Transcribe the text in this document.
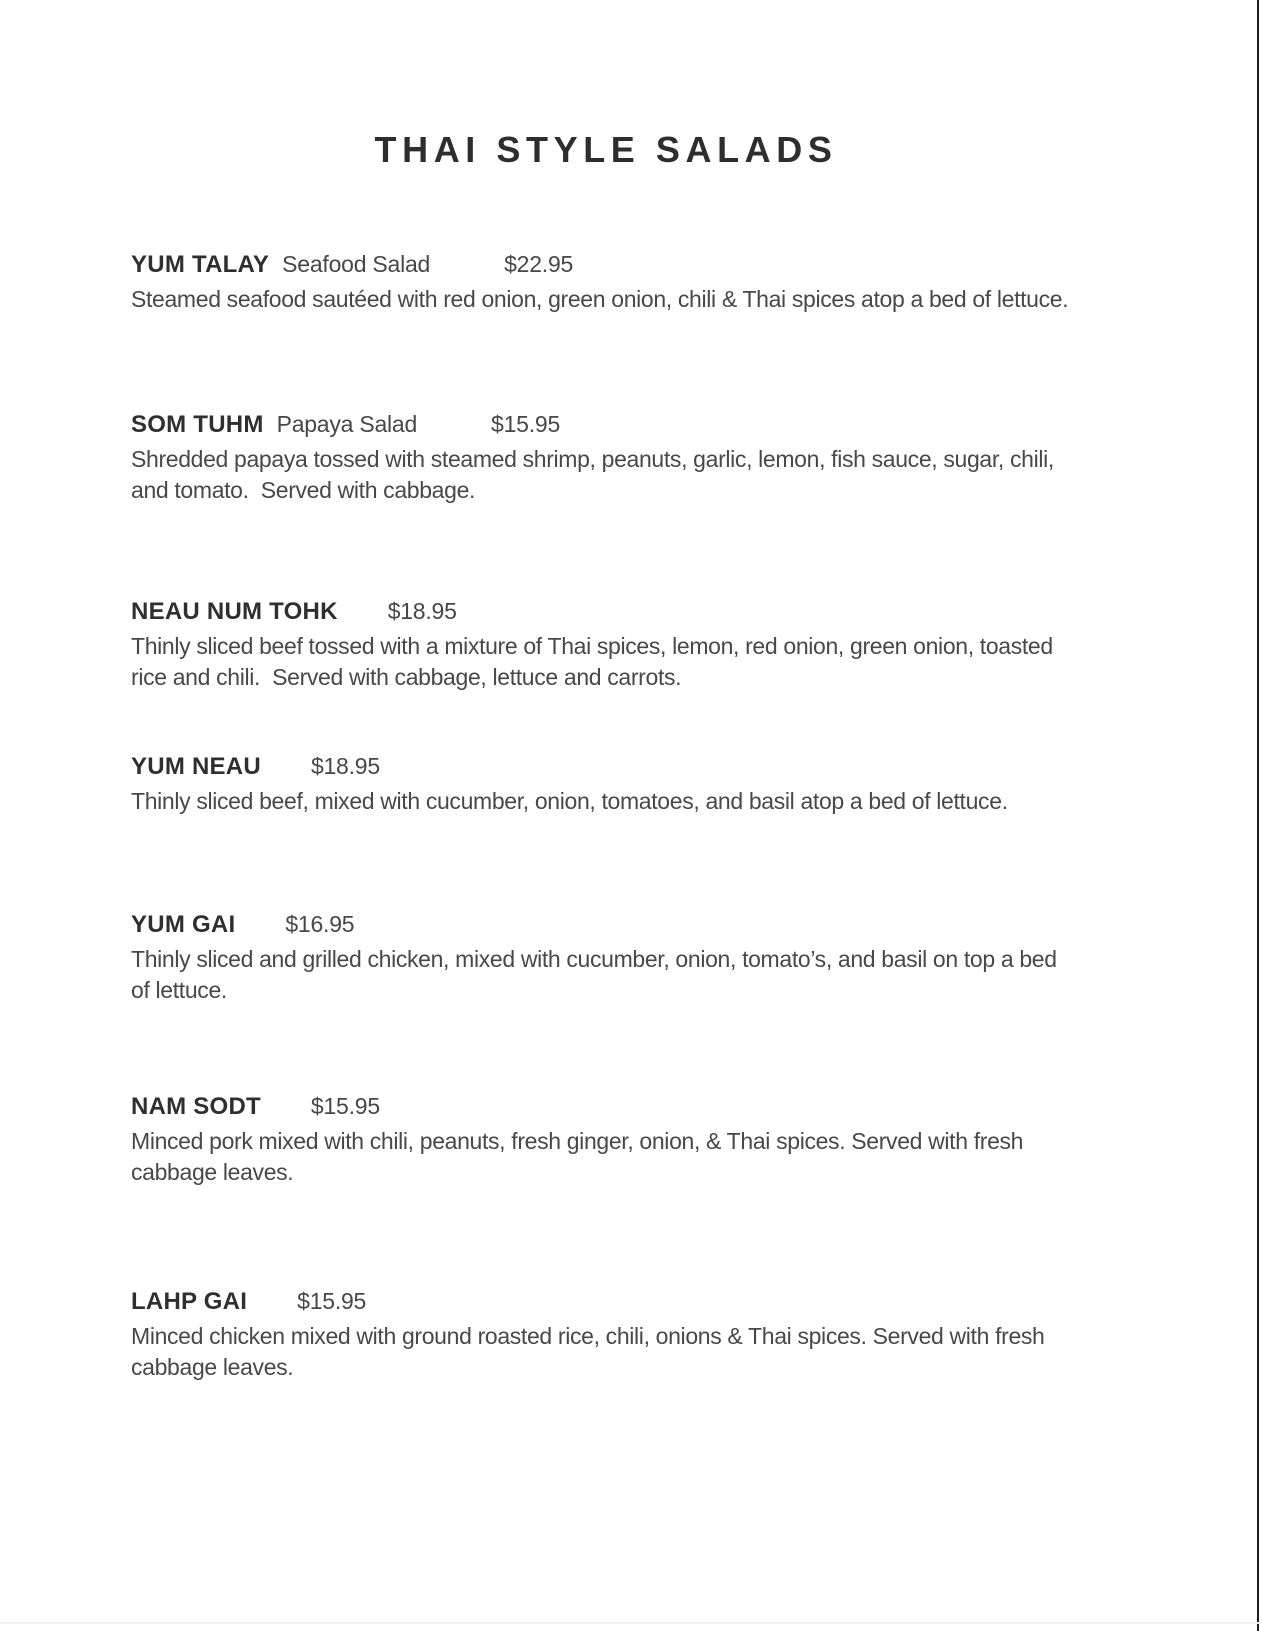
THAI STYLE SALADS
YUM TALAY Seafood Salad	$22.95
Steamed seafood sautéed with red onion, green onion, chili & Thai spices atop a bed of lettuce.
SOM TUHM Papaya Salad	$15.95
Shredded papaya tossed with steamed shrimp, peanuts, garlic, lemon, fish sauce, sugar, chili,
and tomato.  Served with cabbage.
NEAU NUM TOHK $18.95
Thinly sliced beef tossed with a mixture of Thai spices, lemon, red onion, green onion, toasted
rice and chili.  Served with cabbage, lettuce and carrots.
YUM NEAU $18.95
Thinly sliced beef, mixed with cucumber, onion, tomatoes, and basil atop a bed of lettuce.
YUM GAI $16.95
Thinly sliced and grilled chicken, mixed with cucumber, onion, tomato’s, and basil on top a bed
of lettuce.
NAM SODT $15.95
Minced pork mixed with chili, peanuts, fresh ginger, onion, & Thai spices. Served with fresh
cabbage leaves.
LAHP GAI $15.95
Minced chicken mixed with ground roasted rice, chili, onions & Thai spices. Served with fresh
cabbage leaves.
